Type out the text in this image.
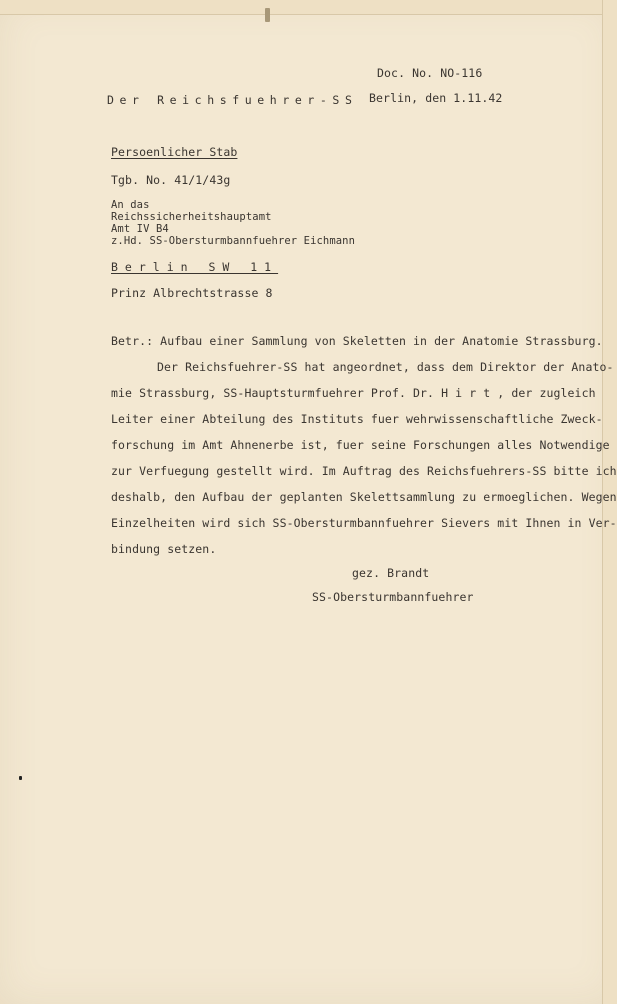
Doc. No. NO-116
Der Reichsfuehrer-SS Berlin, den 1.11.42
Persoenlicher Stab
Tgb. No. 41/1/43g
An das
Reichssicherheitshauptamt
Amt IV B4
z.Hd. SS-Obersturmbannfuehrer Eichmann
Berlin SW 11
Prinz Albrechtstrasse 8
Betr.: Aufbau einer Sammlung von Skeletten in der Anatomie Strassburg.
Der Reichsfuehrer-SS hat angeordnet, dass dem Direktor der Anato-
mie Strassburg, SS-Hauptsturmfuehrer Prof. Dr. H i r t , der zugleich
Leiter einer Abteilung des Instituts fuer wehrwissenschaftliche Zweck-
forschung im Amt Ahnenerbe ist, fuer seine Forschungen alles Notwendige
zur Verfuegung gestellt wird. Im Auftrag des Reichsfuehrers-SS bitte ich
deshalb, den Aufbau der geplanten Skelettsammlung zu ermoeglichen. Wegen
Einzelheiten wird sich SS-Obersturmbannfuehrer Sievers mit Ihnen in Ver-
bindung setzen.
gez. Brandt
SS-Obersturmbannfuehrer
